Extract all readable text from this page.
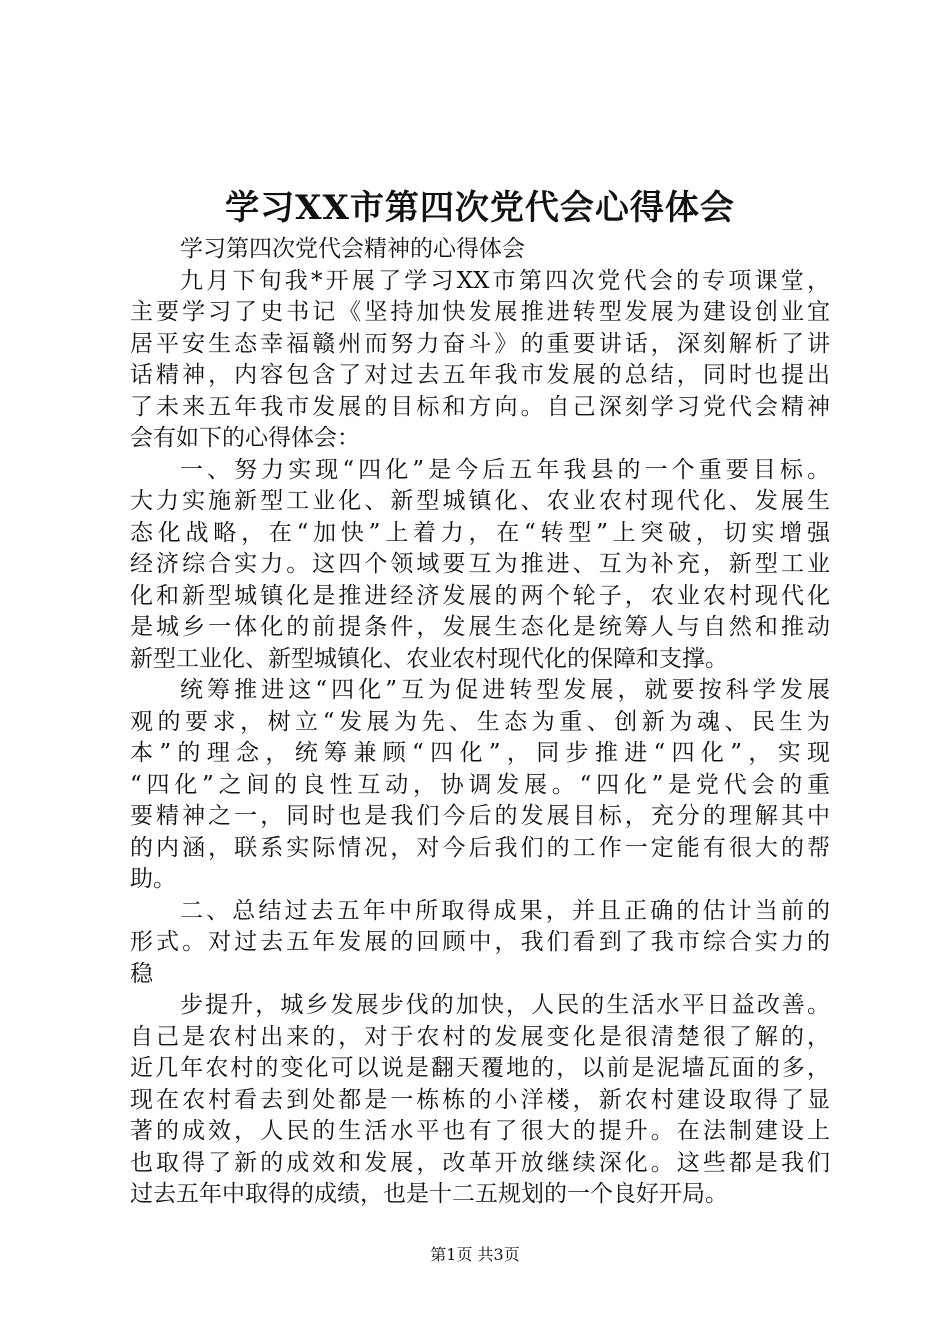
学习XX市第四次党代会心得体会
学习第四次党代会精神的心得体会
九月下旬我*开展了学习XX市第四次党代会的专项课堂，
主要学习了史书记《坚持加快发展推进转型发展为建设创业宜
居平安生态幸福赣州而努力奋斗》的重要讲话，深刻解析了讲
话精神，内容包含了对过去五年我市发展的总结，同时也提出
了未来五年我市发展的目标和方向。自己深刻学习党代会精神
会有如下的心得体会：
一、努力实现“四化”是今后五年我县的一个重要目标。
大力实施新型工业化、新型城镇化、农业农村现代化、发展生
态化战略，在“加快”上着力，在“转型”上突破，切实增强
经济综合实力。这四个领域要互为推进、互为补充，新型工业
化和新型城镇化是推进经济发展的两个轮子，农业农村现代化
是城乡一体化的前提条件，发展生态化是统筹人与自然和推动
新型工业化、新型城镇化、农业农村现代化的保障和支撑。
统筹推进这“四化”互为促进转型发展，就要按科学发展
观的要求，树立“发展为先、生态为重、创新为魂、民生为
本”的理念，统筹兼顾“四化”，同步推进“四化”，实现
“四化”之间的良性互动，协调发展。“四化”是党代会的重
要精神之一，同时也是我们今后的发展目标，充分的理解其中
的内涵，联系实际情况，对今后我们的工作一定能有很大的帮
助。
二、总结过去五年中所取得成果，并且正确的估计当前的
形式。对过去五年发展的回顾中，我们看到了我市综合实力的
稳
步提升，城乡发展步伐的加快，人民的生活水平日益改善。
自己是农村出来的，对于农村的发展变化是很清楚很了解的，
近几年农村的变化可以说是翻天覆地的，以前是泥墙瓦面的多，
现在农村看去到处都是一栋栋的小洋楼，新农村建设取得了显
著的成效，人民的生活水平也有了很大的提升。在法制建设上
也取得了新的成效和发展，改革开放继续深化。这些都是我们
过去五年中取得的成绩，也是十二五规划的一个良好开局。
第1页 共3页
